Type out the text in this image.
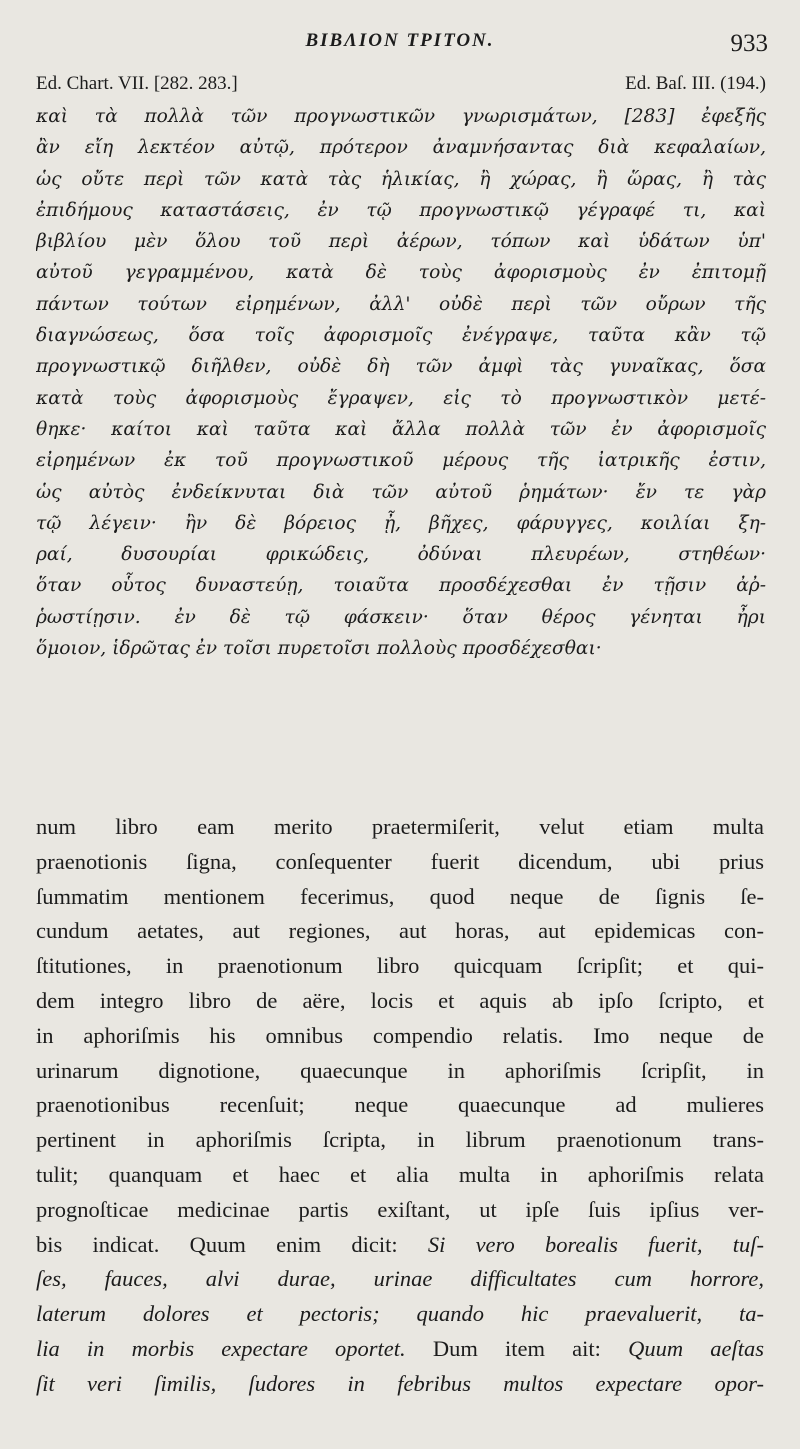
BIBΛΙΟΝ ΤΡΙΤΟΝ.	933
Ed. Chart. VII. [282. 283.]	Ed. Baſ. III. (194.)
καὶ τὰ πολλὰ τῶν προγνωστικῶν γνωρισμάτων, [283] ἐφεξῆς
ἂν εἴη λεκτέον αὐτῷ, πρότερον ἀναμνήσαντας διὰ κεφαλαίων,
ὡς οὔτε περὶ τῶν κατὰ τὰς ἡλικίας, ἢ χώρας, ἢ ὥρας, ἢ τὰς
ἐπιδήμους καταστάσεις, ἐν τῷ προγνωστικῷ γέγραφέ τι, καὶ
βιβλίου μὲν ὅλου τοῦ περὶ ἀέρων, τόπων καὶ ὑδάτων ὑπ'
αὐτοῦ γεγραμμένου, κατὰ δὲ τοὺς ἀφορισμοὺς ἐν ἐπιτομῇ
πάντων τούτων εἰρημένων, ἀλλ' οὐδὲ περὶ τῶν οὔρων τῆς
διαγνώσεως, ὅσα τοῖς ἀφορισμοῖς ἐνέγραψε, ταῦτα κἂν τῷ
προγνωστικῷ διῆλθεν, οὐδὲ δὴ τῶν ἀμφὶ τὰς γυναῖκας, ὅσα
κατὰ τοὺς ἀφορισμοὺς ἔγραψεν, εἰς τὸ προγνωστικὸν μετέ-
θηκε· καίτοι καὶ ταῦτα καὶ ἄλλα πολλὰ τῶν ἐν ἀφορισμοῖς
εἰρημένων ἐκ τοῦ προγνωστικοῦ μέρους τῆς ἰατρικῆς ἐστιν,
ὡς αὐτὸς ἐνδείκνυται διὰ τῶν αὐτοῦ ῥημάτων· ἔν τε γὰρ
τῷ λέγειν· ἢν δὲ βόρειος ᾖ, βῆχες, φάρυγγες, κοιλίαι ξη-
ραί, δυσουρίαι φρικώδεις, ὀδύναι πλευρέων, στηθέων·
ὅταν οὗτος δυναστεύῃ, τοιαῦτα προσδέχεσθαι ἐν τῇσιν ἀῤ-
ῥωστίῃσιν. ἐν δὲ τῷ φάσκειν· ὅταν θέρος γένηται ἦρι
ὅμοιον, ἱδρῶτας ἐν τοῖσι πυρετοῖσι πολλοὺς προσδέχεσθαι·
num libro eam merito praetermiſerit, velut etiam multa
praenotionis ſigna, conſequenter fuerit dicendum, ubi prius
ſummatim mentionem fecerimus, quod neque de ſignis ſe-
cundum aetates, aut regiones, aut horas, aut epidemicas con-
ſtitutiones, in praenotionum libro quicquam ſcripſit; et qui-
dem integro libro de aëre, locis et aquis ab ipſo ſcripto, et
in aphoriſmis his omnibus compendio relatis. Imo neque de
urinarum dignotione, quaecunque in aphoriſmis ſcripſit, in
praenotionibus recenſuit; neque quaecunque ad mulieres
pertinent in aphoriſmis ſcripta, in librum praenotionum trans-
tulit; quanquam et haec et alia multa in aphoriſmis relata
prognoſticae medicinae partis exiſtant, ut ipſe ſuis ipſius ver-
bis indicat. Quum enim dicit: Si vero borealis fuerit, tuſ-
ſes, fauces, alvi durae, urinae difficultates cum horrore,
laterum dolores et pectoris; quando hic praevaluerit, ta-
lia in morbis expectare oportet. Dum item ait: Quum aeſtas
ſit veri ſimilis, ſudores in febribus multos expectare opor-
